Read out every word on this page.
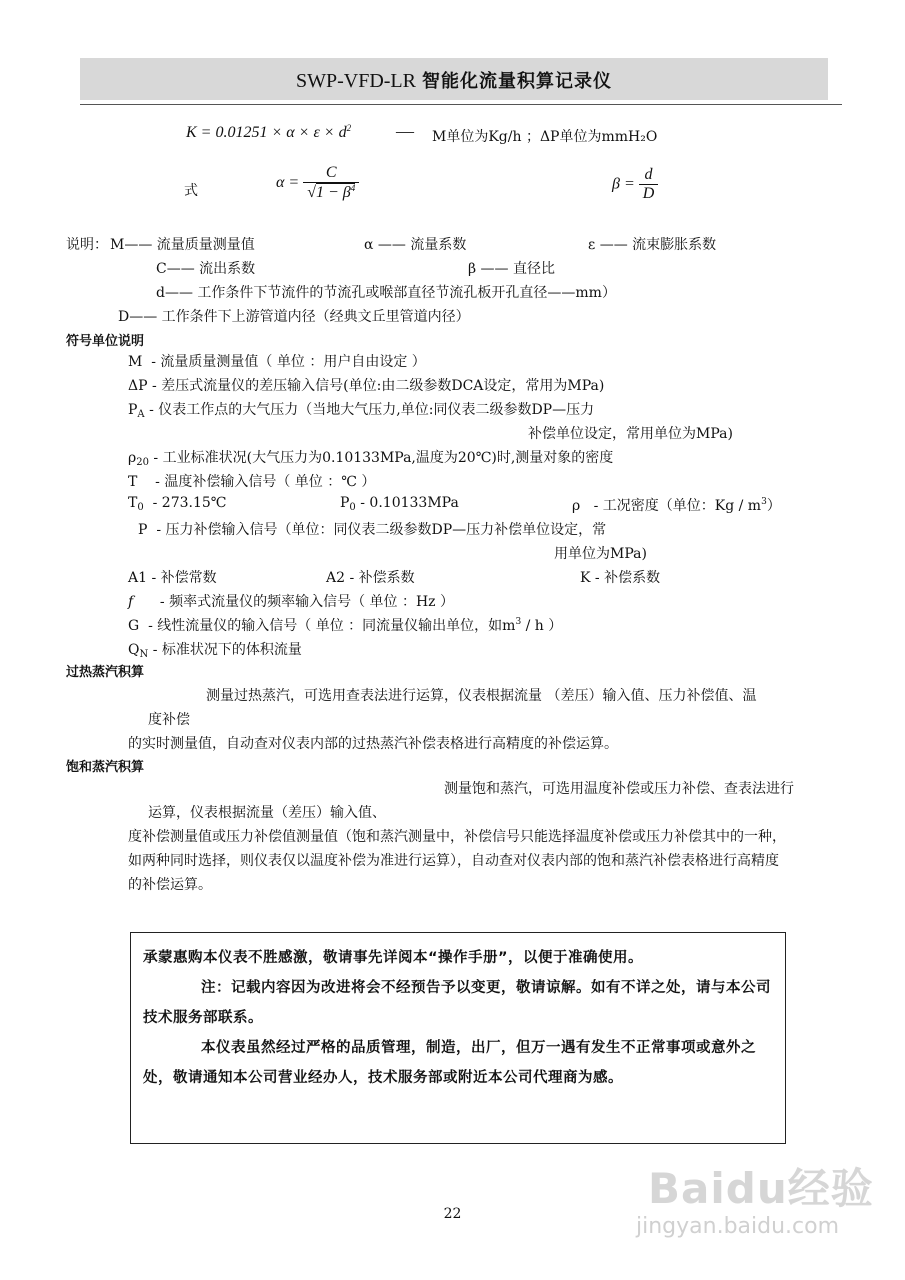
SWP-VFD-LR 智能化流量积算记录仪
$K = 0.01251 \times \alpha \times \varepsilon \times d^2$ — M单位为Kg/h ；ΔP单位为mmH₂O
式	$\alpha = \frac{C}{√1 - \beta^4}$	$\beta = \frac{d}{D}$
说明： M—— 流量质量测量值	α —— 流量系数	ε —— 流束膨胀系数
C—— 流出系数	β —— 直径比
d—— 工作条件下节流件的节流孔或喉部直径节流孔板开孔直径——mm）
D—— 工作条件下上游管道内径（经典文丘里管道内径）
符号单位说明
M - 流量质量测量值（ 单位 ：用户自由设定 ）
ΔP - 差压式流量仪的差压输入信号(单位:由二级参数DCA设定，常用为MPa)
$P_A$ - 仪表工作点的大气压力（当地大气压力,单位:同仪表二级参数DP—压力
补偿单位设定，常用单位为MPa)
$\rho_{20}$ - 工业标准状况(大气压力为0.10133MPa,温度为20℃)时,测量对象的密度
T - 温度补偿输入信号（ 单位 ：℃ ）
$T_0$ - 273.15℃	$P_0 - 0.10133MPa$	ρ - 工况密度（单位：Kg / $m^3$）
P - 压力补偿输入信号（单位：同仪表二级参数DP—压力补偿单位设定，常
用单位为MPa)
A1 - 补偿常数	A2 - 补偿系数	K - 补偿系数
f - 频率式流量仪的频率输入信号（ 单位 ：Hz ）
G - 线性流量仪的输入信号（ 单位 ：同流量仪输出单位，如$m^3$ / h ）
$Q_N$ - 标准状况下的体积流量
过热蒸汽积算
测量过热蒸汽，可选用查表法进行运算，仪表根据流量 （差压）输入值、压力补偿值、温
度补偿
的实时测量值，自动查对仪表内部的过热蒸汽补偿表格进行高精度的补偿运算。
饱和蒸汽积算
测量饱和蒸汽，可选用温度补偿或压力补偿、查表法进行
运算，仪表根据流量（差压）输入值、
度补偿测量值或压力补偿值测量值（饱和蒸汽测量中，补偿信号只能选择温度补偿或压力补偿其中的一种，
如两种同时选择，则仪表仅以温度补偿为准进行运算），自动查对仪表内部的饱和蒸汽补偿表格进行高精度
的补偿运算。

承蒙惠购本仪表不胜感激，敬请事先详阅本“操作手册”，以便于准确使用。

注：记载内容因为改进将会不经预告予以变更，敬请谅解。如有不详之处，请与本公司技术服务部联系。

本仪表虽然经过严格的品质管理，制造，出厂，但万一遇有发生不正常事项或意外之处，敬请通知本公司营业经办人，技术服务部或附近本公司代理商为感。

22
Baidu经验
jingyan.baidu.com
